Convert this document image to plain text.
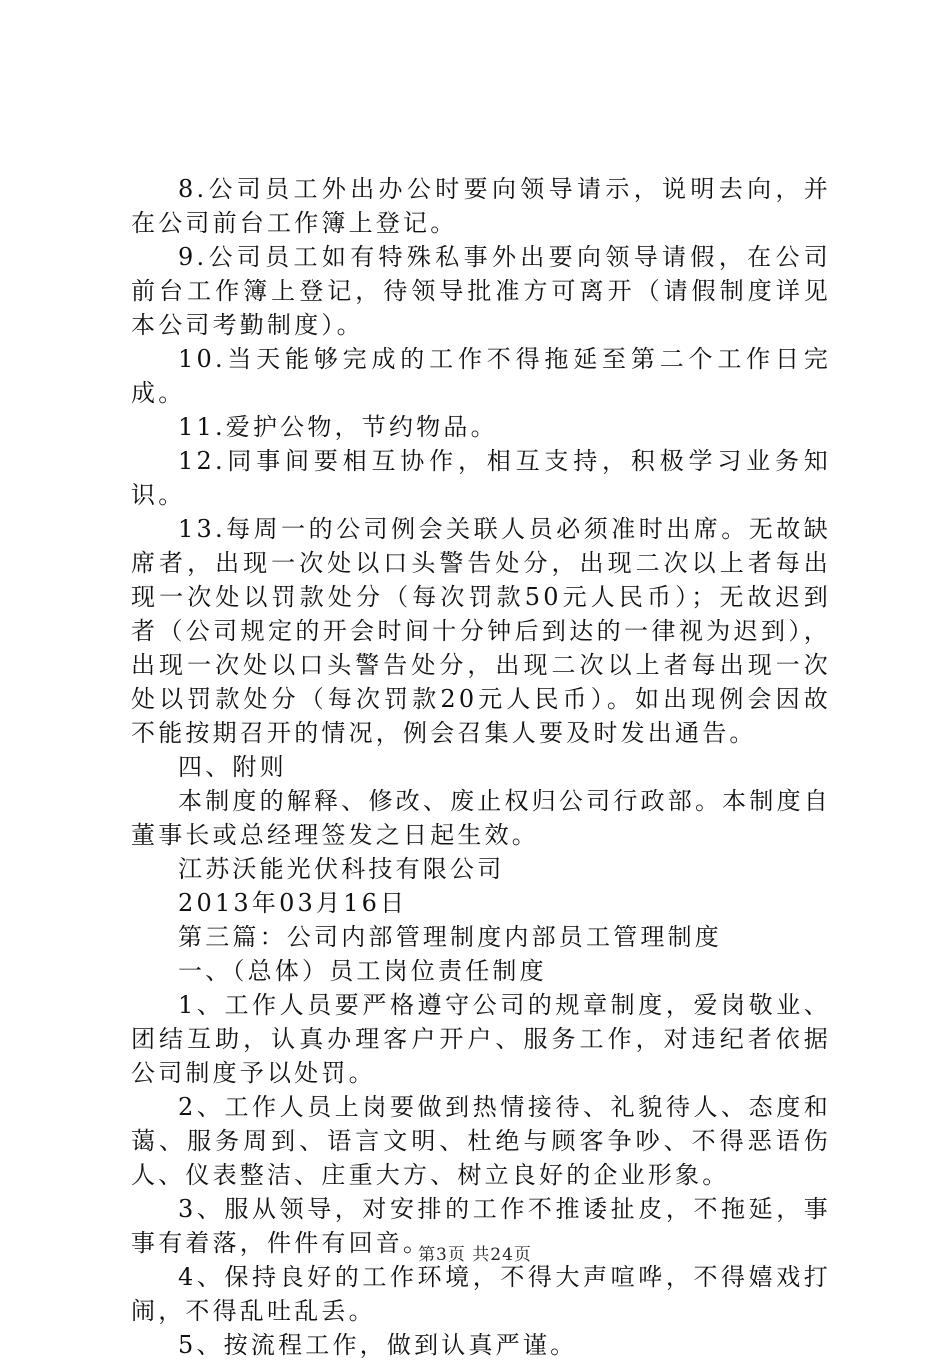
8.公司员工外出办公时要向领导请示，说明去向，并在公司前台工作簿上登记。

9.公司员工如有特殊私事外出要向领导请假，在公司前台工作簿上登记，待领导批准方可离开（请假制度详见本公司考勤制度）。

10.当天能够完成的工作不得拖延至第二个工作日完成。

11.爱护公物，节约物品。

12.同事间要相互协作，相互支持，积极学习业务知识。

13.每周一的公司例会关联人员必须准时出席。无故缺席者，出现一次处以口头警告处分，出现二次以上者每出现一次处以罚款处分（每次罚款50元人民币）；无故迟到者（公司规定的开会时间十分钟后到达的一律视为迟到），出现一次处以口头警告处分，出现二次以上者每出现一次处以罚款处分（每次罚款20元人民币）。如出现例会因故不能按期召开的情况，例会召集人要及时发出通告。

四、附则

本制度的解释、修改、废止权归公司行政部。本制度自董事长或总经理签发之日起生效。

江苏沃能光伏科技有限公司

2013年03月16日

第三篇：公司内部管理制度内部员工管理制度

一、（总体）员工岗位责任制度

1、工作人员要严格遵守公司的规章制度，爱岗敬业、团结互助，认真办理客户开户、服务工作，对违纪者依据公司制度予以处罚。

2、工作人员上岗要做到热情接待、礼貌待人、态度和蔼、服务周到、语言文明、杜绝与顾客争吵、不得恶语伤人、仪表整洁、庄重大方、树立良好的企业形象。

3、服从领导，对安排的工作不推诿扯皮，不拖延，事事有着落，件件有回音。

4、保持良好的工作环境，不得大声喧哗，不得嬉戏打闹，不得乱吐乱丢。

5、按流程工作，做到认真严谨。

第3页 共24页
